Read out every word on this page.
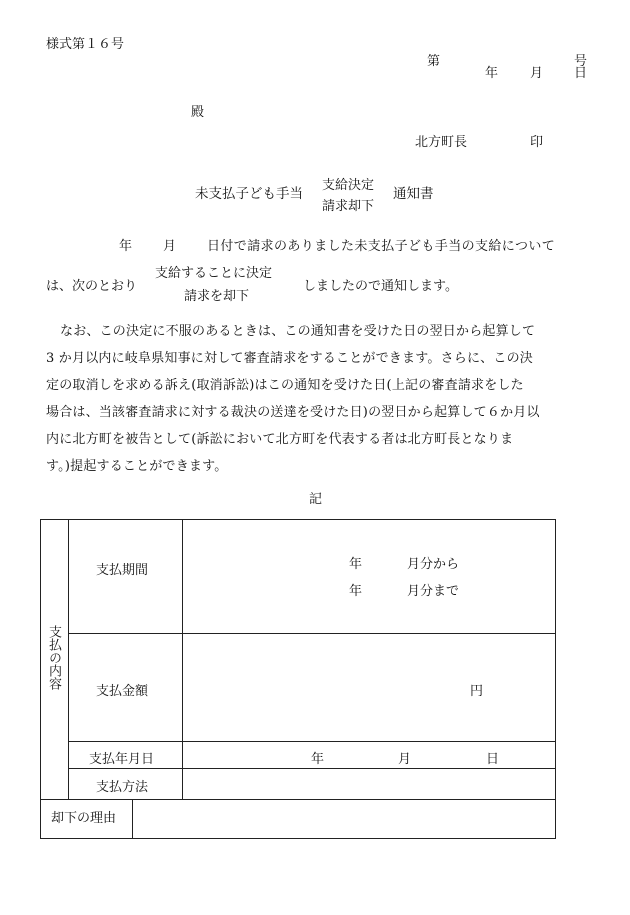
様式第１６号
第	号
年 月 日
殿
北方町長	印
未支払子ども手当
支給決定
請求却下
通知書
年 月 日付で請求のありました未支払子ども手当の支給について
は、次のとおり
支給することに決定
請求を却下
しましたので通知します。
なお、この決定に不服のあるときは、この通知書を受けた日の翌日から起算して
3 か月以内に岐阜県知事に対して審査請求をすることができます。さらに、この決
定の取消しを求める訴え(取消訴訟)はこの通知を受けた日(上記の審査請求をした
場合は、当該審査請求に対する裁決の送達を受けた日)の翌日から起算して６か月以
内に北方町を被告として(訴訟において北方町を代表する者は北方町長となりま
す。)提起することができます。
記
支払の内容
支払期間	年	月分から
年	月分まで
支払金額	円
支払年月日	年	月	日
支払方法
却下の理由
